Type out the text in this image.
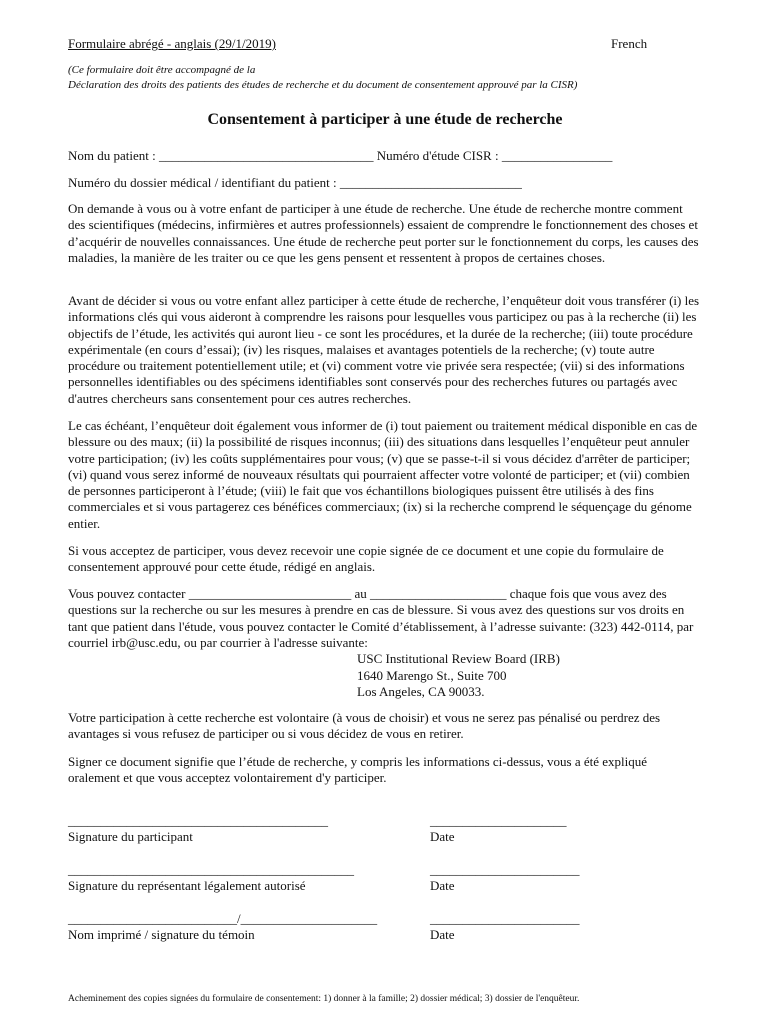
Formulaire abrégé - anglais (29/1/2019)	French
(Ce formulaire doit être accompagné de la
Déclaration des droits des patients des études de recherche et du document de consentement approuvé par la CISR)
Consentement à participer à une étude de recherche
Nom du patient : _________________________________ Numéro d'étude CISR : _________________
Numéro du dossier médical / identifiant du patient : ____________________________
On demande à vous ou à votre enfant de participer à une étude de recherche. Une étude de recherche montre comment des scientifiques (médecins, infirmières et autres professionnels) essaient de comprendre le fonctionnement des choses et d’acquérir de nouvelles connaissances. Une étude de recherche peut porter sur le fonctionnement du corps, les causes des maladies, la manière de les traiter ou ce que les gens pensent et ressentent à propos de certaines choses.
Avant de décider si vous ou votre enfant allez participer à cette étude de recherche, l’enquêteur doit vous transférer (i) les informations clés qui vous aideront à comprendre les raisons pour lesquelles vous participez ou pas à la recherche (ii) les objectifs de l’étude, les activités qui auront lieu - ce sont les procédures, et la durée de la recherche; (iii) toute procédure expérimentale (en cours d’essai); (iv) les risques, malaises et avantages potentiels de la recherche; (v) toute autre procédure ou traitement potentiellement utile; et (vi) comment votre vie privée sera respectée; (vii) si des informations personnelles identifiables ou des spécimens identifiables sont conservés pour des recherches futures ou partagés avec d'autres chercheurs sans consentement pour ces autres recherches.
Le cas échéant, l’enquêteur doit également vous informer de (i) tout paiement ou traitement médical disponible en cas de blessure ou des maux; (ii) la possibilité de risques inconnus; (iii) des situations dans lesquelles l’enquêteur peut annuler votre participation; (iv) les coûts supplémentaires pour vous; (v) que se passe-t-il si vous décidez d'arrêter de participer; (vi) quand vous serez informé de nouveaux résultats qui pourraient affecter votre volonté de participer; et (vii) combien de personnes participeront à l’étude; (viii) le fait que vos échantillons biologiques puissent être utilisés à des fins commerciales et si vous partagerez ces bénéfices commerciaux; (ix) si la recherche comprend le séquençage du génome entier.
Si vous acceptez de participer, vous devez recevoir une copie signée de ce document et une copie du formulaire de consentement approuvé pour cette étude, rédigé en anglais.
Vous pouvez contacter _________________________ au _____________________ chaque fois que vous avez des questions sur la recherche ou sur les mesures à prendre en cas de blessure. Si vous avez des questions sur vos droits en tant que patient dans l'étude, vous pouvez contacter le Comité d’établissement, à l’adresse suivante: (323) 442-0114, par courriel irb@usc.edu, ou par courrier à l'adresse suivante:
USC Institutional Review Board (IRB)
1640 Marengo St., Suite 700
Los Angeles, CA 90033.
Votre participation à cette recherche est volontaire (à vous de choisir) et vous ne serez pas pénalisé ou perdrez des avantages si vous refusez de participer ou si vous décidez de vous en retirer.
Signer ce document signifie que l’étude de recherche, y compris les informations ci-dessus, vous a été expliqué oralement et que vous acceptez volontairement d'y participer.
________________________________________
Signature du participant
_____________________
Date
____________________________________________
Signature du représentant légalement autorisé
_______________________
Date
__________________________/_____________________
Nom imprimé / signature du témoin
_______________________
Date
Acheminement des copies signées du formulaire de consentement: 1) donner à la famille; 2) dossier médical; 3) dossier de l'enquêteur.
